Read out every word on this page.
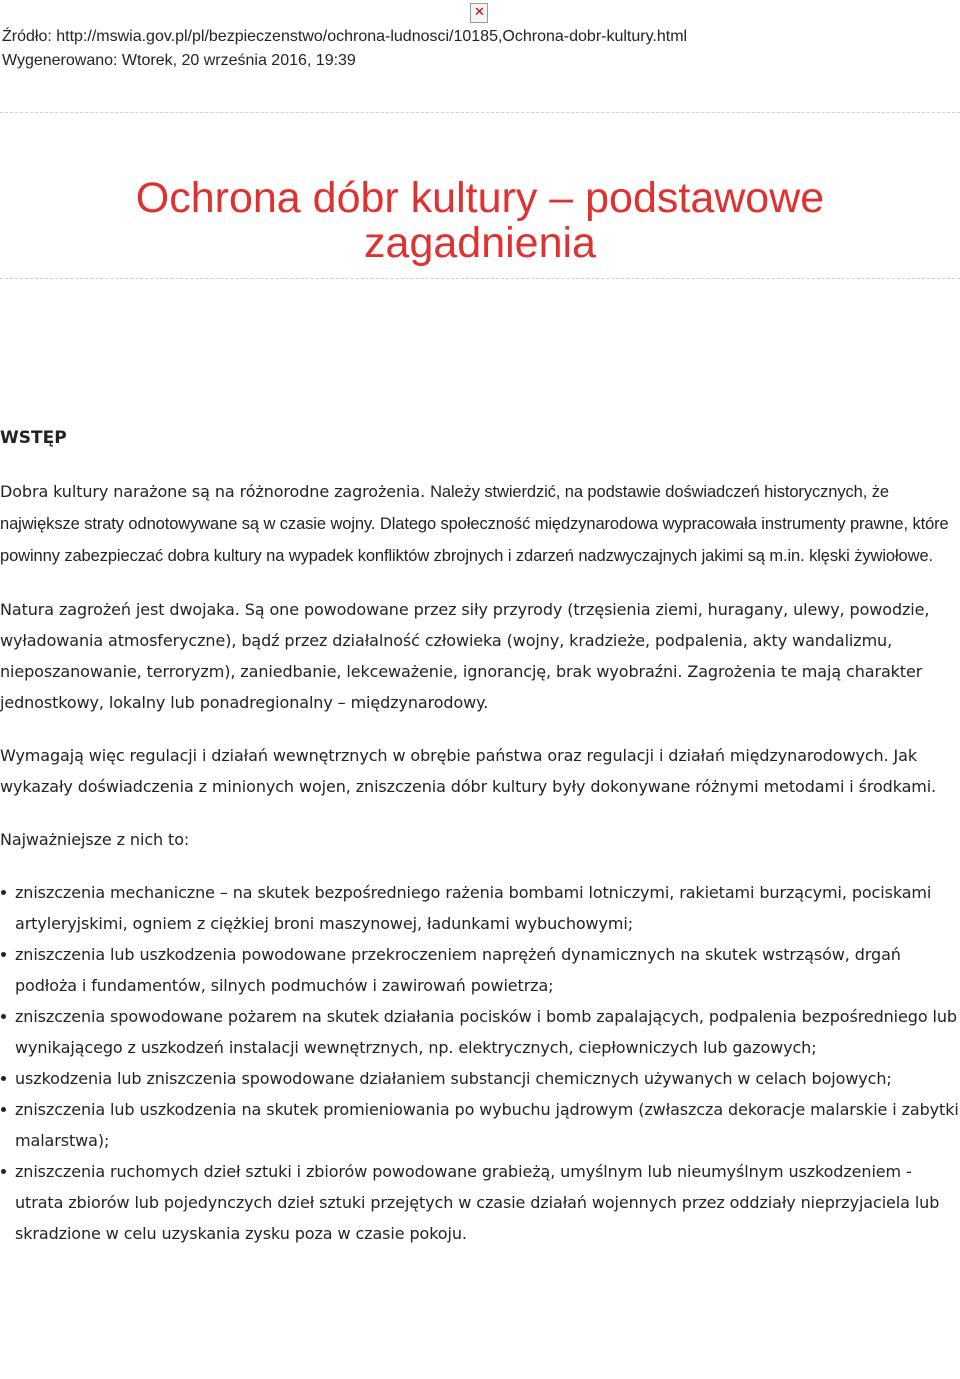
✕
Źródło: http://mswia.gov.pl/pl/bezpieczenstwo/ochrona-ludnosci/10185,Ochrona-dobr-kultury.html
Wygenerowano: Wtorek, 20 września 2016, 19:39
Ochrona dóbr kultury – podstawowe zagadnienia
WSTĘP

Dobra kultury narażone są na różnorodne zagrożenia. Należy stwierdzić, na podstawie doświadczeń historycznych, że największe straty odnotowywane są w czasie wojny. Dlatego społeczność międzynarodowa wypracowała instrumenty prawne, które powinny zabezpieczać dobra kultury na wypadek konfliktów zbrojnych i zdarzeń nadzwyczajnych jakimi są m.in. klęski żywiołowe.

Natura zagrożeń jest dwojaka. Są one powodowane przez siły przyrody (trzęsienia ziemi, huragany, ulewy, powodzie, wyładowania atmosferyczne), bądź przez działalność człowieka (wojny, kradzieże, podpalenia, akty wandalizmu, nieposzanowanie, terroryzm), zaniedbanie, lekceważenie, ignorancję, brak wyobraźni. Zagrożenia te mają charakter jednostkowy, lokalny lub ponadregionalny – międzynarodowy.

Wymagają więc regulacji i działań wewnętrznych w obrębie państwa oraz regulacji i działań międzynarodowych. Jak wykazały doświadczenia z minionych wojen, zniszczenia dóbr kultury były dokonywane różnymi metodami i środkami.

Najważniejsze z nich to:

zniszczenia mechaniczne – na skutek bezpośredniego rażenia bombami lotniczymi, rakietami burzącymi, pociskami artyleryjskimi, ogniem z ciężkiej broni maszynowej, ładunkami wybuchowymi;
zniszczenia lub uszkodzenia powodowane przekroczeniem naprężeń dynamicznych na skutek wstrząsów, drgań podłoża i fundamentów, silnych podmuchów i zawirowań powietrza;
zniszczenia spowodowane pożarem na skutek działania pocisków i bomb zapalających, podpalenia bezpośredniego lub wynikającego z uszkodzeń instalacji wewnętrznych, np. elektrycznych, ciepłowniczych lub gazowych;
uszkodzenia lub zniszczenia spowodowane działaniem substancji chemicznych używanych w celach bojowych;
zniszczenia lub uszkodzenia na skutek promieniowania po wybuchu jądrowym (zwłaszcza dekoracje malarskie i zabytki malarstwa);
zniszczenia ruchomych dzieł sztuki i zbiorów powodowane grabieżą, umyślnym lub nieumyślnym uszkodzeniem - utrata zbiorów lub pojedynczych dzieł sztuki przejętych w czasie działań wojennych przez oddziały nieprzyjaciela lub skradzione w celu uzyskania zysku poza w czasie pokoju.
